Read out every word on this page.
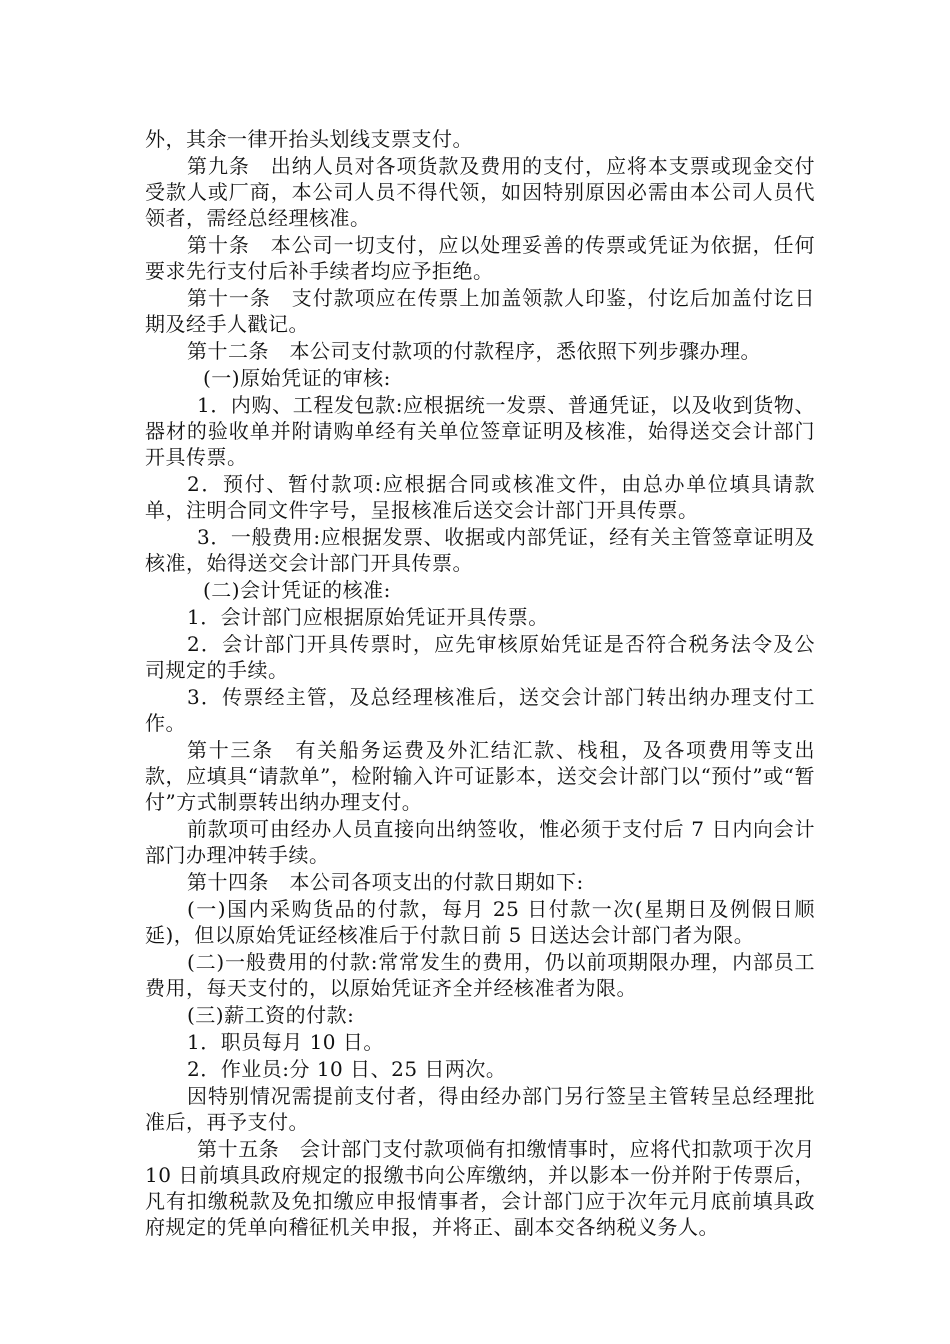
外，其余一律开抬头划线支票支付。

第九条　出纳人员对各项货款及费用的支付，应将本支票或现金交付受款人或厂商，本公司人员不得代领，如因特别原因必需由本公司人员代领者，需经总经理核准。

第十条　本公司一切支付，应以处理妥善的传票或凭证为依据，任何要求先行支付后补手续者均应予拒绝。

第十一条　支付款项应在传票上加盖领款人印鉴，付讫后加盖付讫日期及经手人戳记。

第十二条　本公司支付款项的付款程序，悉依照下列步骤办理。

(一)原始凭证的审核:

1．内购、工程发包款:应根据统一发票、普通凭证，以及收到货物、器材的验收单并附请购单经有关单位签章证明及核准，始得送交会计部门开具传票。

2．预付、暂付款项:应根据合同或核准文件，由总办单位填具请款单，注明合同文件字号，呈报核准后送交会计部门开具传票。

3．一般费用:应根据发票、收据或内部凭证，经有关主管签章证明及核准，始得送交会计部门开具传票。

(二)会计凭证的核准:

1．会计部门应根据原始凭证开具传票。

2．会计部门开具传票时，应先审核原始凭证是否符合税务法令及公司规定的手续。

3．传票经主管，及总经理核准后，送交会计部门转出纳办理支付工作。

第十三条　有关船务运费及外汇结汇款、栈租，及各项费用等支出款，应填具“请款单”，检附输入许可证影本，送交会计部门以“预付”或“暂付”方式制票转出纳办理支付。

前款项可由经办人员直接向出纳签收，惟必须于支付后 7 日内向会计部门办理冲转手续。

第十四条　本公司各项支出的付款日期如下:

(一)国内采购货品的付款，每月 25 日付款一次(星期日及例假日顺延)，但以原始凭证经核准后于付款日前 5 日送达会计部门者为限。

(二)一般费用的付款:常常发生的费用，仍以前项期限办理，内部员工费用，每天支付的，以原始凭证齐全并经核准者为限。

(三)薪工资的付款:

1．职员每月 10 日。

2．作业员:分 10 日、25 日两次。

因特别情况需提前支付者，得由经办部门另行签呈主管转呈总经理批准后，再予支付。

第十五条　会计部门支付款项倘有扣缴情事时，应将代扣款项于次月 10 日前填具政府规定的报缴书向公库缴纳，并以影本一份并附于传票后，凡有扣缴税款及免扣缴应申报情事者，会计部门应于次年元月底前填具政府规定的凭单向稽征机关申报，并将正、副本交各纳税义务人。
